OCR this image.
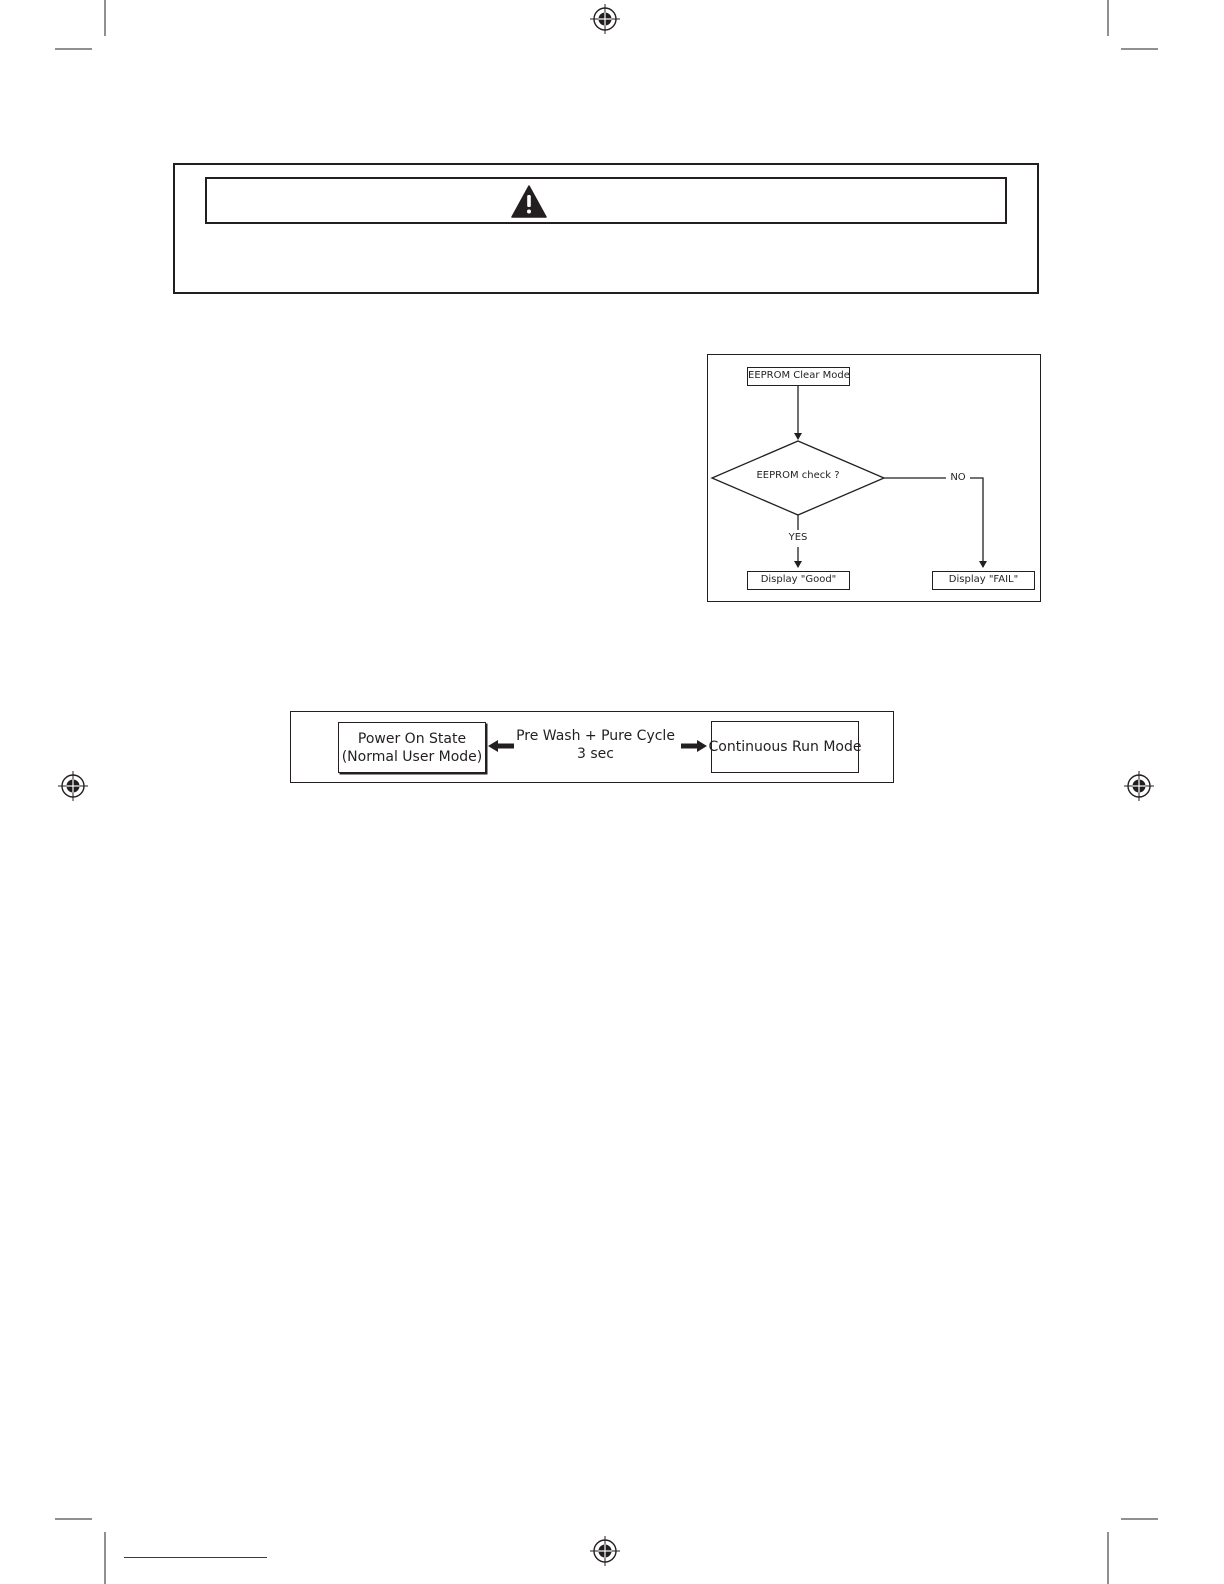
EEPROM Clear Mode
EEPROM check ?	NO
YES
Display "Good"	Display "FAIL"
Power On State
(Normal User Mode)
Pre Wash + Pure Cycle
3 sec	Continuous Run Mode
